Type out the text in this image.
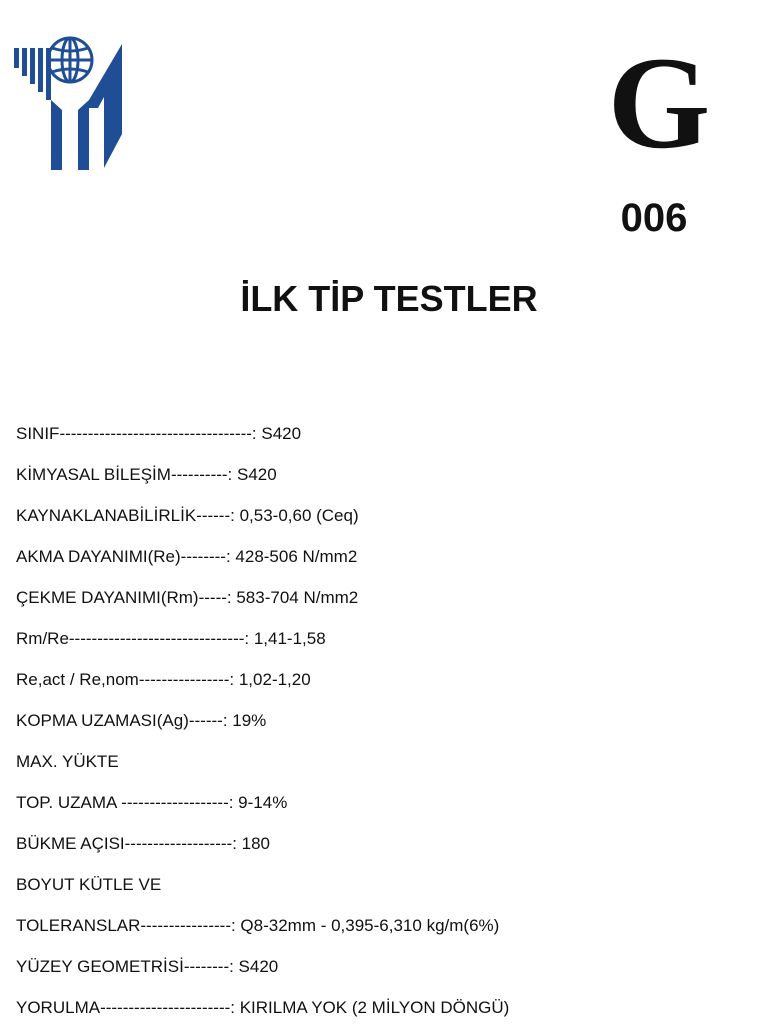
G
006
İLK TİP TESTLER
SINIF----------------------------------: S420
KİMYASAL BİLEŞİM----------: S420
KAYNAKLANABİLİRLİK------: 0,53-0,60 (Ceq)
AKMA DAYANIMI(Re)--------: 428-506 N/mm2
ÇEKME DAYANIMI(Rm)-----: 583-704 N/mm2
Rm/Re-------------------------------: 1,41-1,58
Re,act / Re,nom----------------: 1,02-1,20
KOPMA UZAMASI(Ag)------: 19%
MAX. YÜKTE
TOP. UZAMA -------------------: 9-14%
BÜKME AÇISI-------------------: 180
BOYUT KÜTLE VE
TOLERANSLAR----------------: Q8-32mm - 0,395-6,310 kg/m(6%)
YÜZEY GEOMETRİSİ--------: S420
YORULMA-----------------------: KIRILMA YOK (2 MİLYON DÖNGÜ)
